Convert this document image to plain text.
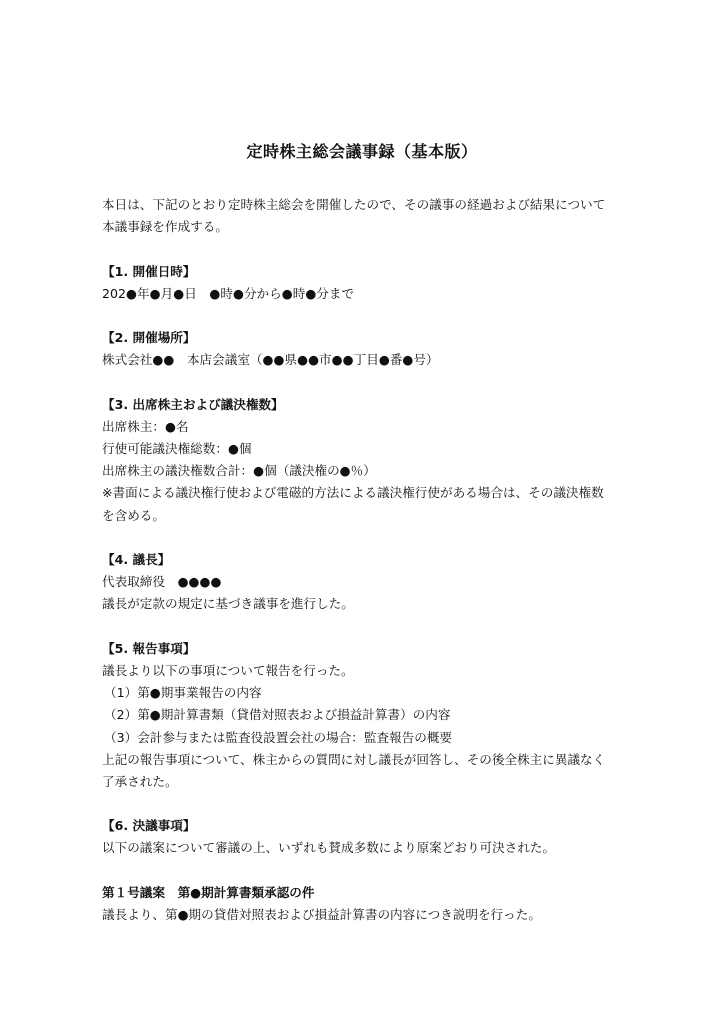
定時株主総会議事録（基本版）
本日は、下記のとおり定時株主総会を開催したので、その議事の経過および結果について
本議事録を作成する。
【1. 開催日時】
202●年●月●日　●時●分から●時●分まで
【2. 開催場所】
株式会社●●　本店会議室（●●県●●市●●丁目●番●号）
【3. 出席株主および議決権数】
出席株主：●名
行使可能議決権総数：●個
出席株主の議決権数合計：●個（議決権の●％）
※書面による議決権行使および電磁的方法による議決権行使がある場合は、その議決権数
を含める。
【4. 議長】
代表取締役　●●●●
議長が定款の規定に基づき議事を進行した。
【5. 報告事項】
議長より以下の事項について報告を行った。
（1）第●期事業報告の内容
（2）第●期計算書類（貸借対照表および損益計算書）の内容
（3）会計参与または監査役設置会社の場合：監査報告の概要
上記の報告事項について、株主からの質問に対し議長が回答し、その後全株主に異議なく
了承された。
【6. 決議事項】
以下の議案について審議の上、いずれも賛成多数により原案どおり可決された。
第１号議案　第●期計算書類承認の件
議長より、第●期の貸借対照表および損益計算書の内容につき説明を行った。
